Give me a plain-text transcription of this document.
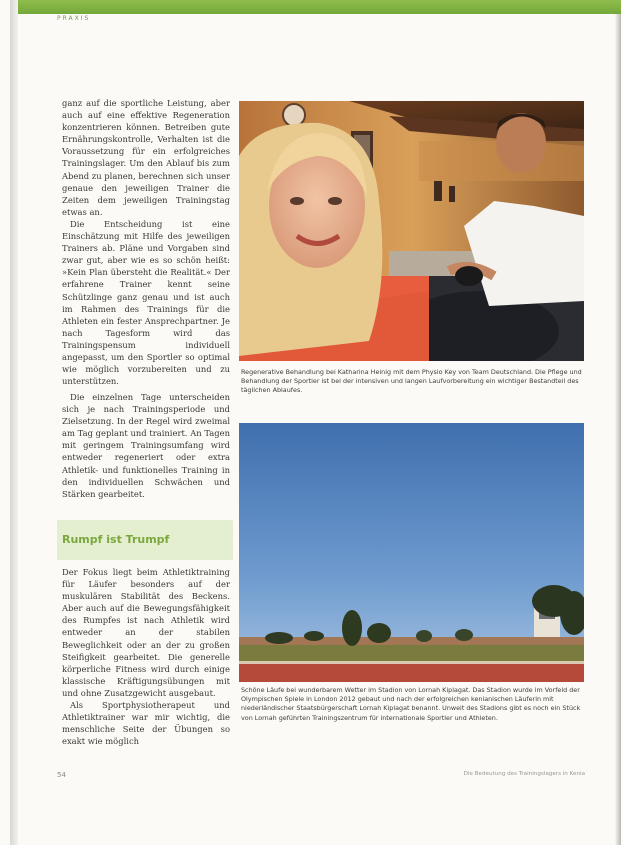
PRAXIS

ganz auf die sportliche Leistung, aber auch auf eine effektive Regeneration konzentrieren können. Betreiben gute Ernährungskontrolle, Verhalten ist die Voraussetzung für ein erfolgreiches Trainingslager. Um den Ablauf bis zum Abend zu planen, berechnen sich unser genaue den jeweiligen Trainer die Zeiten dem jeweiligen Trainingstag etwas an.

Die Entscheidung ist eine Einschätzung mit Hilfe des jeweiligen Trainers ab. Pläne und Vorgaben sind zwar gut, aber wie es so schön heißt: »Kein Plan übersteht die Realität.« Der erfahrene Trainer kennt seine Schützlinge ganz genau und ist auch im Rahmen des Trainings für die Athleten ein fester Ansprechpartner. Je nach Tagesform wird das Trainingspensum individuell angepasst, um den Sportler so optimal wie möglich vorzubereiten und zu unterstützen.

Die einzelnen Tage unterscheiden sich je nach Trainingsperiode und Zielsetzung. In der Regel wird zweimal am Tag geplant und trainiert. An Tagen mit geringem Trainingsumfang wird entweder regeneriert oder extra Athletik- und funktionelles Training in den individuellen Schwächen und Stärken gearbeitet.

Rumpf ist Trumpf

Der Fokus liegt beim Athletiktraining für Läufer besonders auf der muskulären Stabilität des Beckens. Aber auch auf die Bewegungsfähigkeit des Rumpfes ist nach Athletik wird entweder an der stabilen Beweglichkeit oder an der zu großen Steifigkeit gearbeitet. Die generelle körperliche Fitness wird durch einige klassische Kräftigungsübungen mit und ohne Zusatzgewicht ausgebaut.

Als Sportphysiotherapeut und Athletiktrainer war mir wichtig, die menschliche Seite der Übungen so exakt wie möglich

Regenerative Behandlung bei Katharina Heinig mit dem Physio Key von Team Deutschland. Die Pflege und Behandlung der Sportler ist bei der intensiven und langen Laufvorbereitung ein wichtiger Bestandteil des täglichen Ablaufes.
Schöne Läufe bei wunderbarem Wetter im Stadion von Lornah Kiplagat. Das Stadion wurde im Vorfeld der Olympischen Spiele in London 2012 gebaut und nach der erfolgreichen kenianischen Läuferin mit niederländischer Staatsbürgerschaft Lornah Kiplagat benannt. Unweit des Stadions gibt es noch ein Stück von Lornah geführten Trainingszentrum für internationale Sportler und Athleten.
54	Die Bedeutung des Trainingslagers in Kenia
